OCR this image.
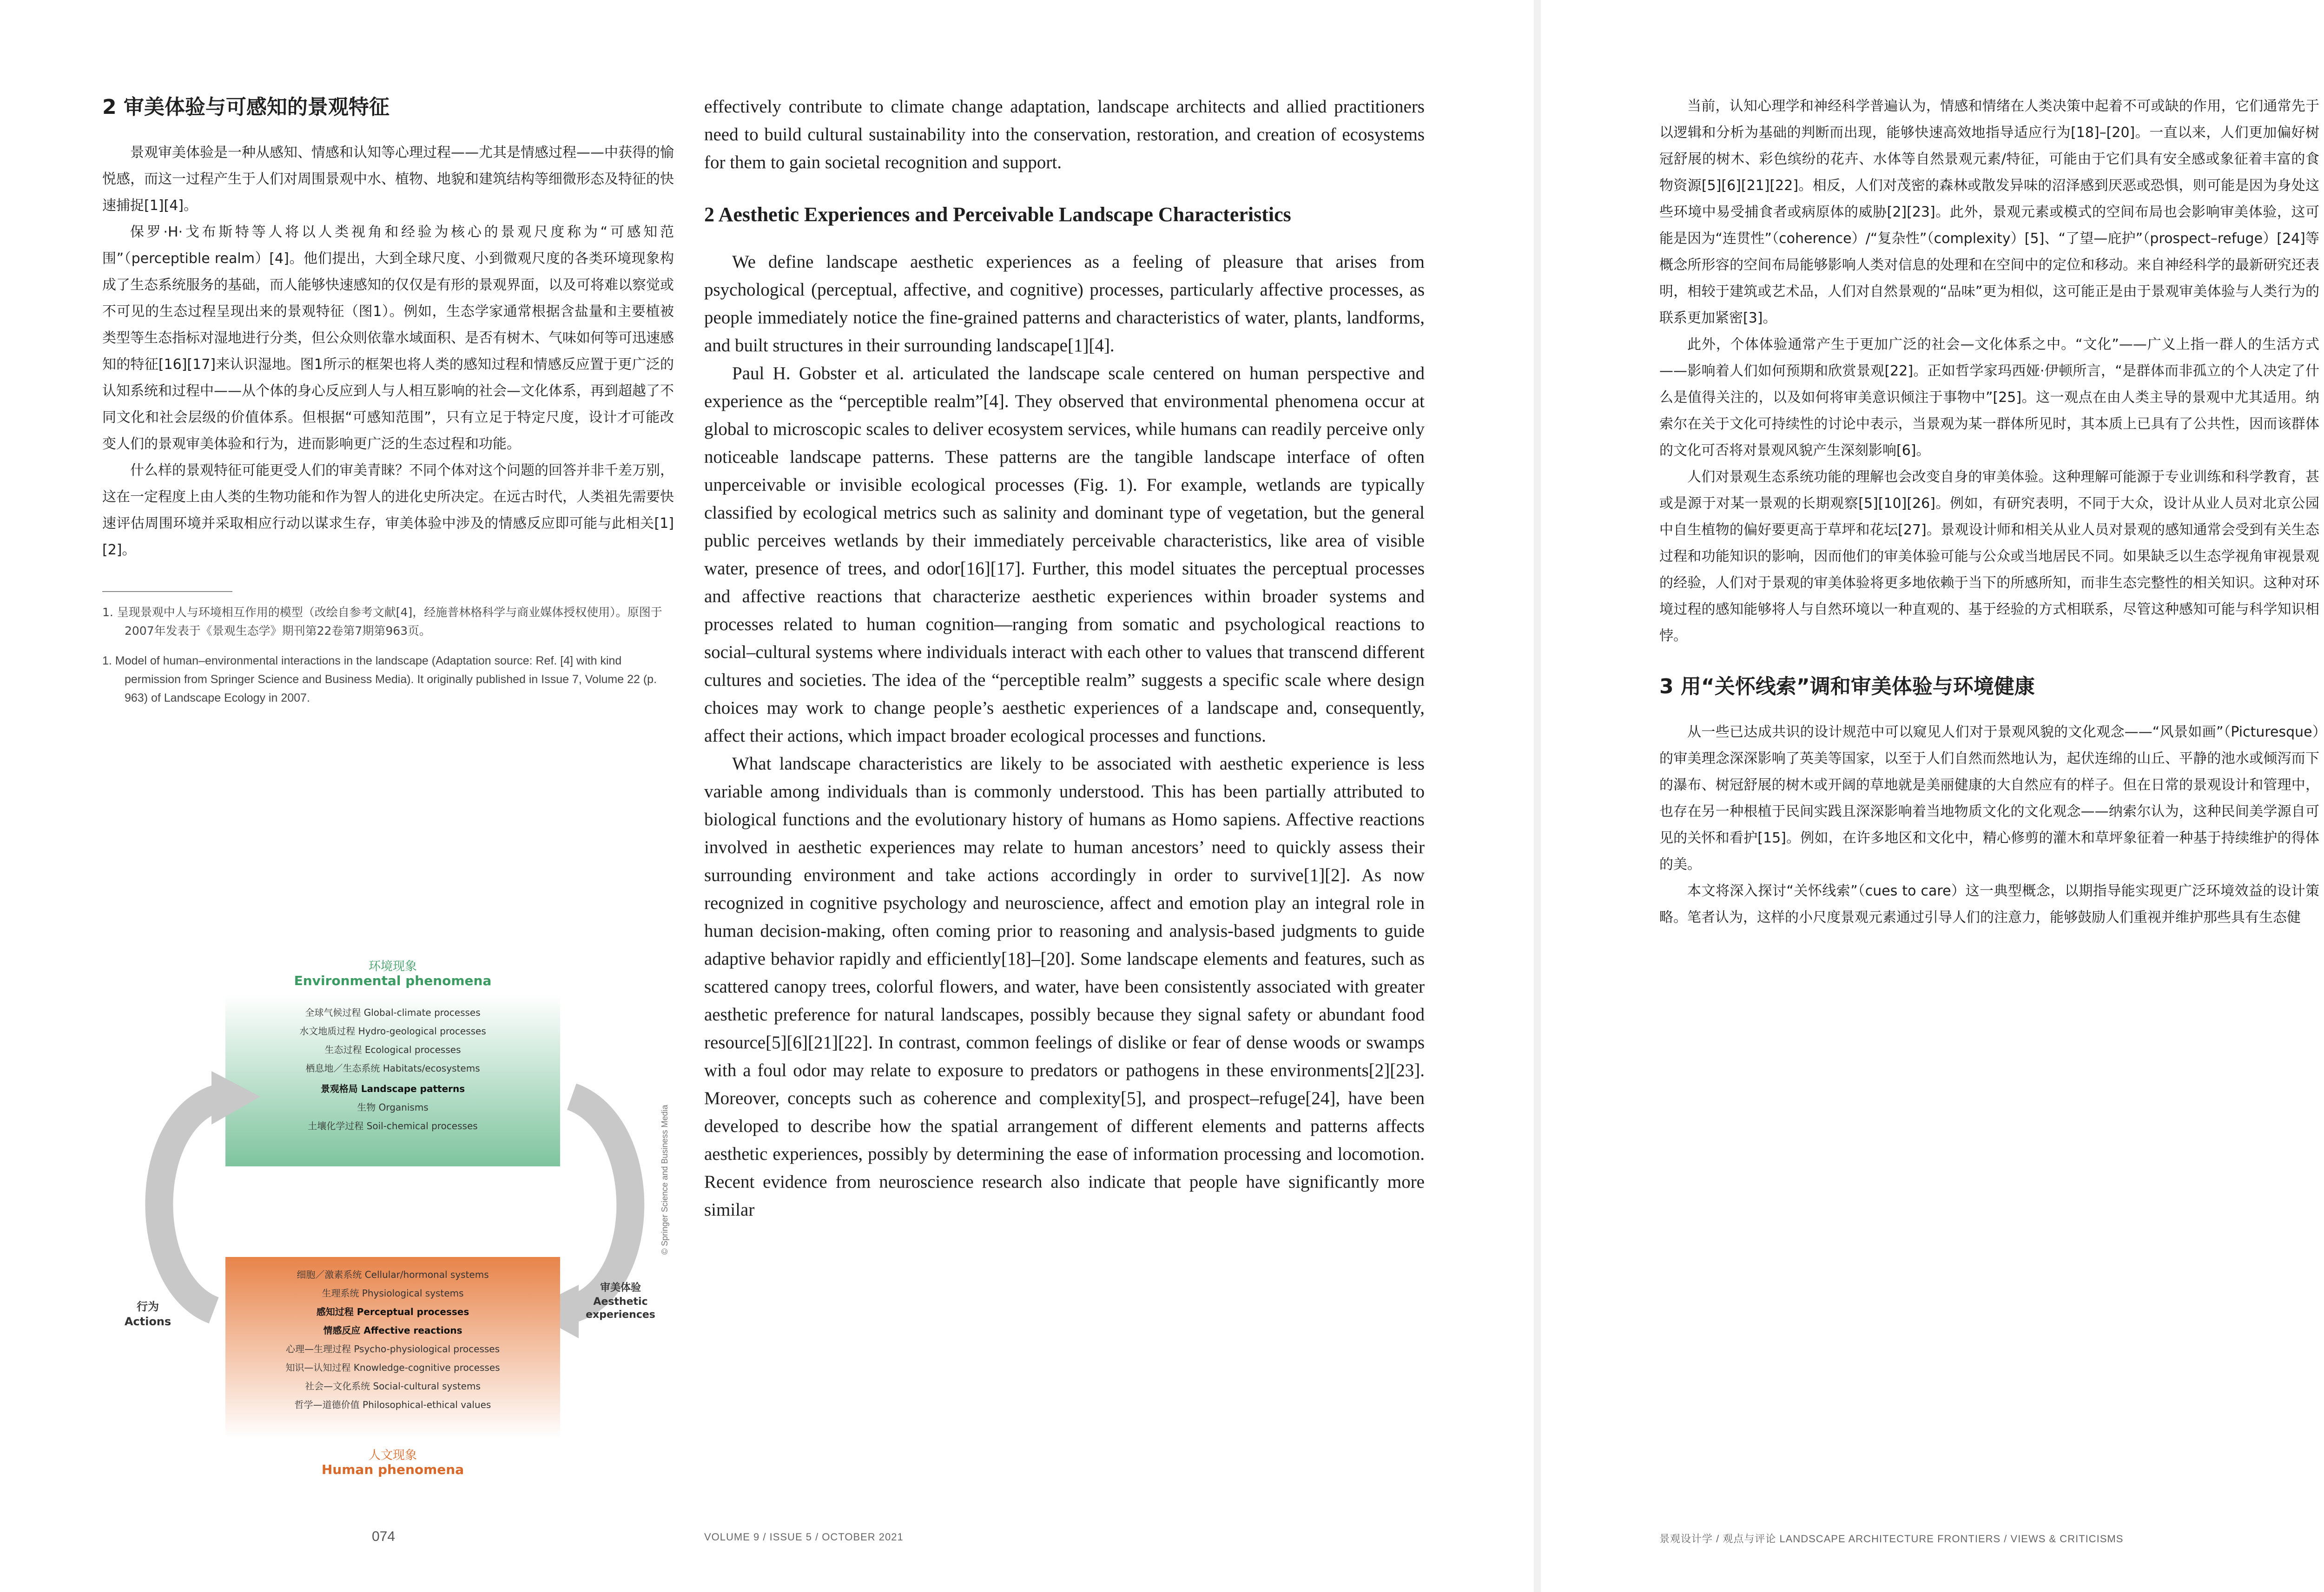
2 审美体验与可感知的景观特征

景观审美体验是一种从感知、情感和认知等心理过程——尤其是情感过程——中获得的愉悦感，而这一过程产生于人们对周围景观中水、植物、地貌和建筑结构等细微形态及特征的快速捕捉[1][4]。

保罗·H·戈布斯特等人将以人类视角和经验为核心的景观尺度称为“可感知范围”（perceptible realm）[4]。他们提出，大到全球尺度、小到微观尺度的各类环境现象构成了生态系统服务的基础，而人能够快速感知的仅仅是有形的景观界面，以及可将难以察觉或不可见的生态过程呈现出来的景观特征（图1）。例如，生态学家通常根据含盐量和主要植被类型等生态指标对湿地进行分类，但公众则依靠水域面积、是否有树木、气味如何等可迅速感知的特征[16][17]来认识湿地。图1所示的框架也将人类的感知过程和情感反应置于更广泛的认知系统和过程中——从个体的身心反应到人与人相互影响的社会—文化体系，再到超越了不同文化和社会层级的价值体系。但根据“可感知范围”，只有立足于特定尺度，设计才可能改变人们的景观审美体验和行为，进而影响更广泛的生态过程和功能。

什么样的景观特征可能更受人们的审美青睐？不同个体对这个问题的回答并非千差万别，这在一定程度上由人类的生物功能和作为智人的进化史所决定。在远古时代，人类祖先需要快速评估周围环境并采取相应行动以谋求生存，审美体验中涉及的情感反应即可能与此相关[1][2]。

1. 呈现景观中人与环境相互作用的模型（改绘自参考文献[4]，经施普林格科学与商业媒体授权使用）。原图于2007年发表于《景观生态学》期刊第22卷第7期第963页。

1. Model of human–environmental interactions in the landscape (Adaptation source: Ref. [4] with kind permission from Springer Science and Business Media). It originally published in Issue 7, Volume 22 (p. 963) of Landscape Ecology in 2007.

环境现象
Environmental phenomena
全球气候过程 Global-climate processes
水文地质过程 Hydro-geological processes
生态过程 Ecological processes
栖息地／生态系统 Habitats/ecosystems
景观格局 Landscape patterns
生物 Organisms
土壤化学过程 Soil-chemical processes
行为
Actions
审美体验
Aesthetic
experiences
细胞／激素系统 Cellular/hormonal systems
生理系统 Physiological systems
感知过程 Perceptual processes
情感反应 Affective reactions
心理—生理过程 Psycho-physiological processes
知识—认知过程 Knowledge-cognitive processes
社会—文化系统 Social-cultural systems
哲学—道德价值 Philosophical-ethical values
人文现象
Human phenomena
© Springer Science and Business Media

effectively contribute to climate change adaptation, landscape architects and allied practitioners need to build cultural sustainability into the conservation, restoration, and creation of ecosystems for them to gain societal recognition and support.

2 Aesthetic Experiences and Perceivable Landscape Characteristics

We define landscape aesthetic experiences as a feeling of pleasure that arises from psychological (perceptual, affective, and cognitive) processes, particularly affective processes, as people immediately notice the fine-grained patterns and characteristics of water, plants, landforms, and built structures in their surrounding landscape[1][4].

Paul H. Gobster et al. articulated the landscape scale centered on human perspective and experience as the “perceptible realm”[4]. They observed that environmental phenomena occur at global to microscopic scales to deliver ecosystem services, while humans can readily perceive only noticeable landscape patterns. These patterns are the tangible landscape interface of often unperceivable or invisible ecological processes (Fig. 1). For example, wetlands are typically classified by ecological metrics such as salinity and dominant type of vegetation, but the general public perceives wetlands by their immediately perceivable characteristics, like area of visible water, presence of trees, and odor[16][17]. Further, this model situates the perceptual processes and affective reactions that characterize aesthetic experiences within broader systems and processes related to human cognition—ranging from somatic and psychological reactions to social–cultural systems where individuals interact with each other to values that transcend different cultures and societies. The idea of the “perceptible realm” suggests a specific scale where design choices may work to change people’s aesthetic experiences of a landscape and, consequently, affect their actions, which impact broader ecological processes and functions.

What landscape characteristics are likely to be associated with aesthetic experience is less variable among individuals than is commonly understood. This has been partially attributed to biological functions and the evolutionary history of humans as Homo sapiens. Affective reactions involved in aesthetic experiences may relate to human ancestors’ need to quickly assess their surrounding environment and take actions accordingly in order to survive[1][2]. As now recognized in cognitive psychology and neuroscience, affect and emotion play an integral role in human decision-making, often coming prior to reasoning and analysis-based judgments to guide adaptive behavior rapidly and efficiently[18]–[20]. Some landscape elements and features, such as scattered canopy trees, colorful flowers, and water, have been consistently associated with greater aesthetic preference for natural landscapes, possibly because they signal safety or abundant food resource[5][6][21][22]. In contrast, common feelings of dislike or fear of dense woods or swamps with a foul odor may relate to exposure to predators or pathogens in these environments[2][23]. Moreover, concepts such as coherence and complexity[5], and prospect–refuge[24], have been developed to describe how the spatial arrangement of different elements and patterns affects aesthetic experiences, possibly by determining the ease of information processing and locomotion. Recent evidence from neuroscience research also indicate that people have significantly more similar

074	VOLUME 9 / ISSUE 5 / OCTOBER 2021

当前，认知心理学和神经科学普遍认为，情感和情绪在人类决策中起着不可或缺的作用，它们通常先于以逻辑和分析为基础的判断而出现，能够快速高效地指导适应行为[18]–[20]。一直以来，人们更加偏好树冠舒展的树木、彩色缤纷的花卉、水体等自然景观元素/特征，可能由于它们具有安全感或象征着丰富的食物资源[5][6][21][22]。相反，人们对茂密的森林或散发异味的沼泽感到厌恶或恐惧，则可能是因为身处这些环境中易受捕食者或病原体的威胁[2][23]。此外，景观元素或模式的空间布局也会影响审美体验，这可能是因为“连贯性”（coherence）/“复杂性”（complexity）[5]、“了望—庇护”（prospect–refuge）[24]等概念所形容的空间布局能够影响人类对信息的处理和在空间中的定位和移动。来自神经科学的最新研究还表明，相较于建筑或艺术品，人们对自然景观的“品味”更为相似，这可能正是由于景观审美体验与人类行为的联系更加紧密[3]。

此外，个体体验通常产生于更加广泛的社会—文化体系之中。“文化”——广义上指一群人的生活方式——影响着人们如何预期和欣赏景观[22]。正如哲学家玛西娅·伊顿所言，“是群体而非孤立的个人决定了什么是值得关注的，以及如何将审美意识倾注于事物中”[25]。这一观点在由人类主导的景观中尤其适用。纳索尔在关于文化可持续性的讨论中表示，当景观为某一群体所见时，其本质上已具有了公共性，因而该群体的文化可否将对景观风貌产生深刻影响[6]。

人们对景观生态系统功能的理解也会改变自身的审美体验。这种理解可能源于专业训练和科学教育，甚或是源于对某一景观的长期观察[5][10][26]。例如，有研究表明，不同于大众，设计从业人员对北京公园中自生植物的偏好要更高于草坪和花坛[27]。景观设计师和相关从业人员对景观的感知通常会受到有关生态过程和功能知识的影响，因而他们的审美体验可能与公众或当地居民不同。如果缺乏以生态学视角审视景观的经验，人们对于景观的审美体验将更多地依赖于当下的所感所知，而非生态完整性的相关知识。这种对环境过程的感知能够将人与自然环境以一种直观的、基于经验的方式相联系，尽管这种感知可能与科学知识相悖。

3 用“关怀线索”调和审美体验与环境健康

从一些已达成共识的设计规范中可以窥见人们对于景观风貌的文化观念——“风景如画”（Picturesque）的审美理念深深影响了英美等国家，以至于人们自然而然地认为，起伏连绵的山丘、平静的池水或倾泻而下的瀑布、树冠舒展的树木或开阔的草地就是美丽健康的大自然应有的样子。但在日常的景观设计和管理中，也存在另一种根植于民间实践且深深影响着当地物质文化的文化观念——纳索尔认为，这种民间美学源自可见的关怀和看护[15]。例如，在许多地区和文化中，精心修剪的灌木和草坪象征着一种基于持续维护的得体的美。

本文将深入探讨“关怀线索”（cues to care）这一典型概念，以期指导能实现更广泛环境效益的设计策略。笔者认为，这样的小尺度景观元素通过引导人们的注意力，能够鼓励人们重视并维护那些具有生态健

景观设计学 / 观点与评论 LANDSCAPE ARCHITECTURE FRONTIERS / VIEWS & CRITICISMS
